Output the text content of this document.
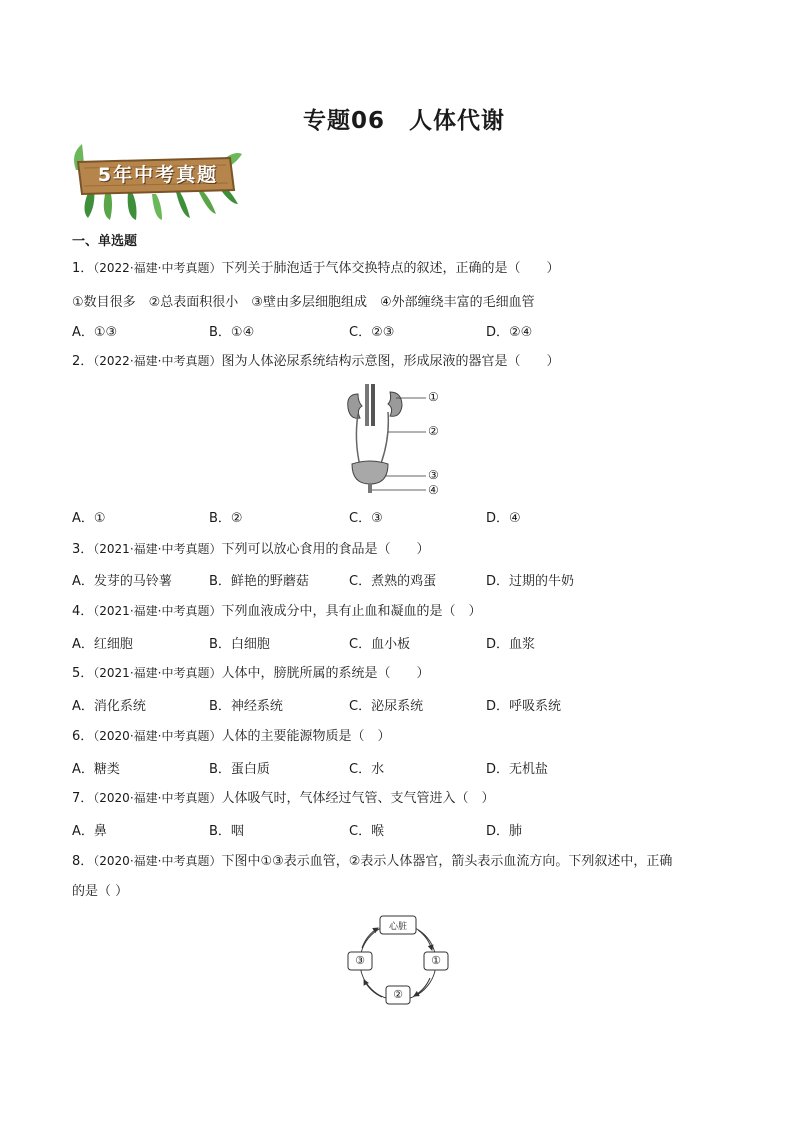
专题06　人体代谢
5年中考真题
一、单选题
1．（2022·福建·中考真题）下列关于肺泡适于气体交换特点的叙述，正确的是（　　）
①数目很多　②总表面积很小　③壁由多层细胞组成　④外部缠绕丰富的毛细血管
A．①③	B．①④	C．②③	D．②④
2．（2022·福建·中考真题）图为人体泌尿系统结构示意图，形成尿液的器官是（　　）
①
②
③
④
A．①	B．②	C．③	D．④
3．（2021·福建·中考真题）下列可以放心食用的食品是（　　）
A．发芽的马铃薯	B．鲜艳的野蘑菇	C．煮熟的鸡蛋	D．过期的牛奶
4．（2021·福建·中考真题）下列血液成分中，具有止血和凝血的是（　）
A．红细胞	B．白细胞	C．血小板	D．血浆
5．（2021·福建·中考真题）人体中，膀胱所属的系统是（　　）
A．消化系统	B．神经系统	C．泌尿系统	D．呼吸系统
6．（2020·福建·中考真题）人体的主要能源物质是（　）
A．糖类	B．蛋白质	C．水	D．无机盐
7．（2020·福建·中考真题）人体吸气时，气体经过气管、支气管进入（　）
A．鼻	B．咽	C．喉	D．肺
8．（2020·福建·中考真题）下图中①③表示血管，②表示人体器官，箭头表示血流方向。下列叙述中，正确
的是（ ）
心脏
①
②
③
